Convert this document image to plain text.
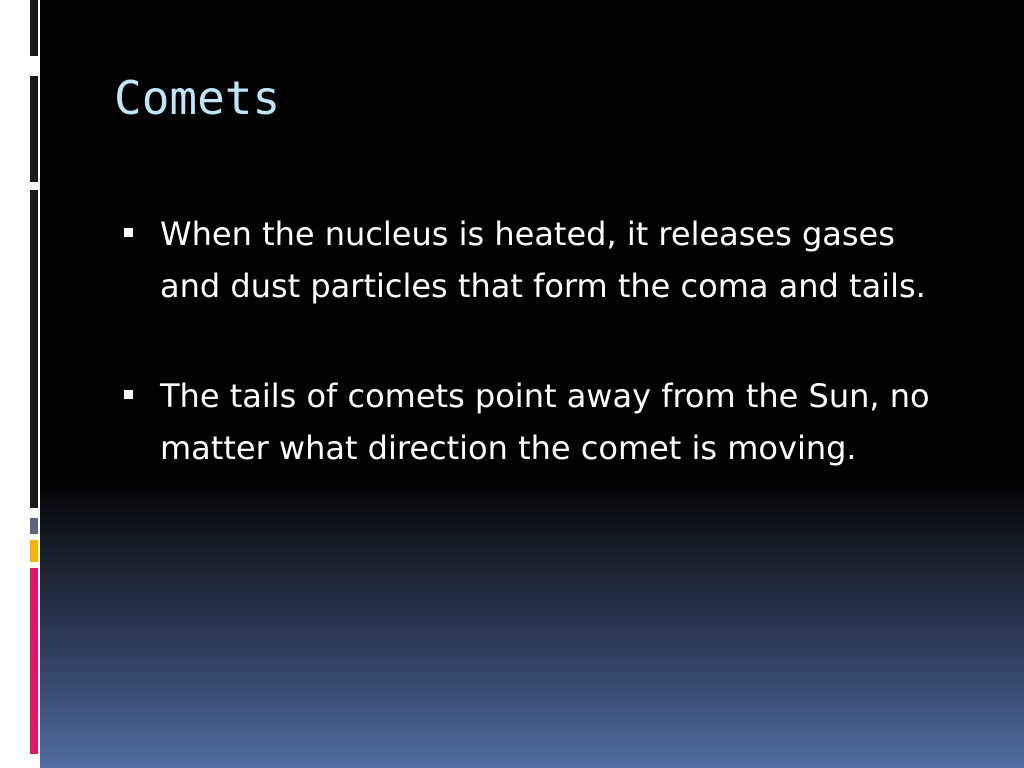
Comets
When the nucleus is heated, it releases gases and dust particles that form the coma and tails.
The tails of comets point away from the Sun, no matter what direction the comet is moving.
